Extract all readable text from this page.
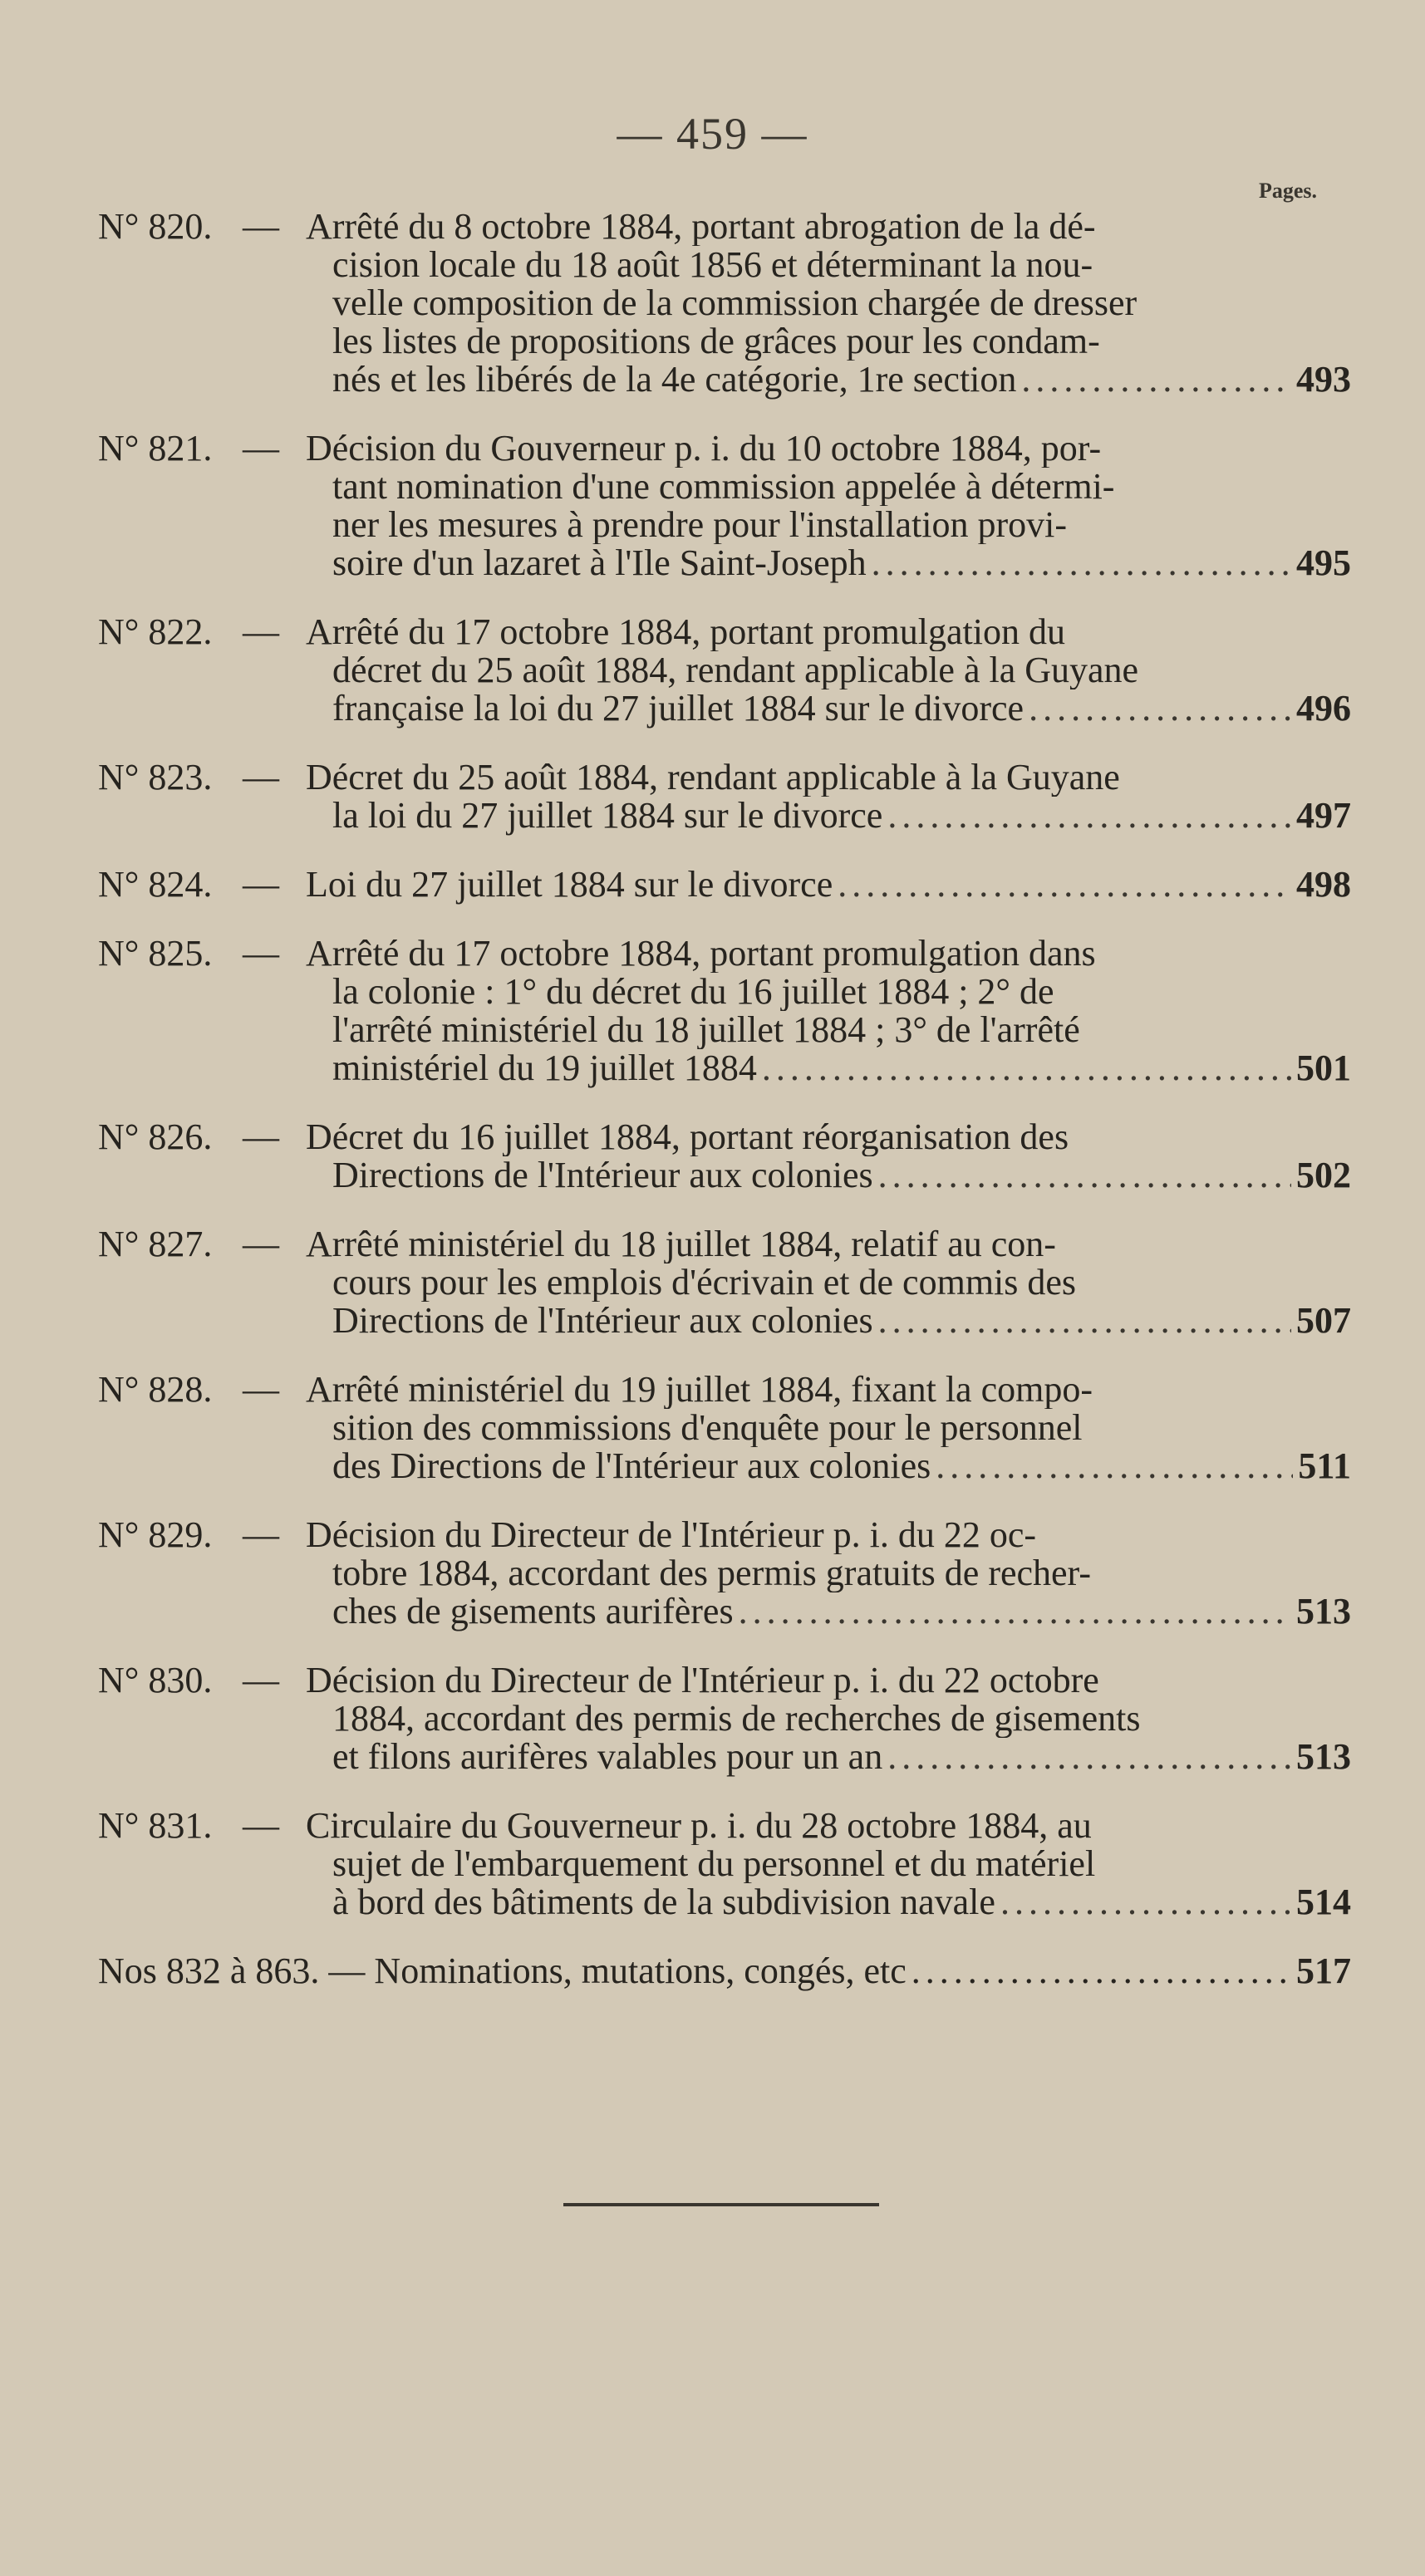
— 459 —
Pages.
N° 820. — Arrêté du 8 octobre 1884, portant abrogation de la dé-
cision locale du 18 août 1856 et déterminant la nou-
velle composition de la commission chargée de dresser
les listes de propositions de grâces pour les condam-
nés et les libérés de la 4e catégorie, 1re section .....	493
N° 821. — Décision du Gouverneur p. i. du 10 octobre 1884, por-
tant nomination d'une commission appelée à détermi-
ner les mesures à prendre pour l'installation provi-
soire d'un lazaret à l'Ile Saint-Joseph .....	495
N° 822. — Arrêté du 17 octobre 1884, portant promulgation du
décret du 25 août 1884, rendant applicable à la Guyane
française la loi du 27 juillet 1884 sur le divorce .....	496
N° 823. — Décret du 25 août 1884, rendant applicable à la Guyane
la loi du 27 juillet 1884 sur le divorce .....	497
N° 824. — Loi du 27 juillet 1884 sur le divorce .....	498
N° 825. — Arrêté du 17 octobre 1884, portant promulgation dans
la colonie : 1° du décret du 16 juillet 1884 ; 2° de
l'arrêté ministériel du 18 juillet 1884 ; 3° de l'arrêté
ministériel du 19 juillet 1884 .....	501
N° 826. — Décret du 16 juillet 1884, portant réorganisation des
Directions de l'Intérieur aux colonies .....	502
N° 827. — Arrêté ministériel du 18 juillet 1884, relatif au con-
cours pour les emplois d'écrivain et de commis des
Directions de l'Intérieur aux colonies .....	507
N° 828. — Arrêté ministériel du 19 juillet 1884, fixant la compo-
sition des commissions d'enquête pour le personnel
des Directions de l'Intérieur aux colonies .....	511
N° 829. — Décision du Directeur de l'Intérieur p. i. du 22 oc-
tobre 1884, accordant des permis gratuits de recher-
ches de gisements aurifères .....	513
N° 830. — Décision du Directeur de l'Intérieur p. i. du 22 octobre
1884, accordant des permis de recherches de gisements
et filons aurifères valables pour un an .....	513
N° 831. — Circulaire du Gouverneur p. i. du 28 octobre 1884, au
sujet de l'embarquement du personnel et du matériel
à bord des bâtiments de la subdivision navale .....	514
Nos 832 à 863. — Nominations, mutations, congés, etc .....	517
